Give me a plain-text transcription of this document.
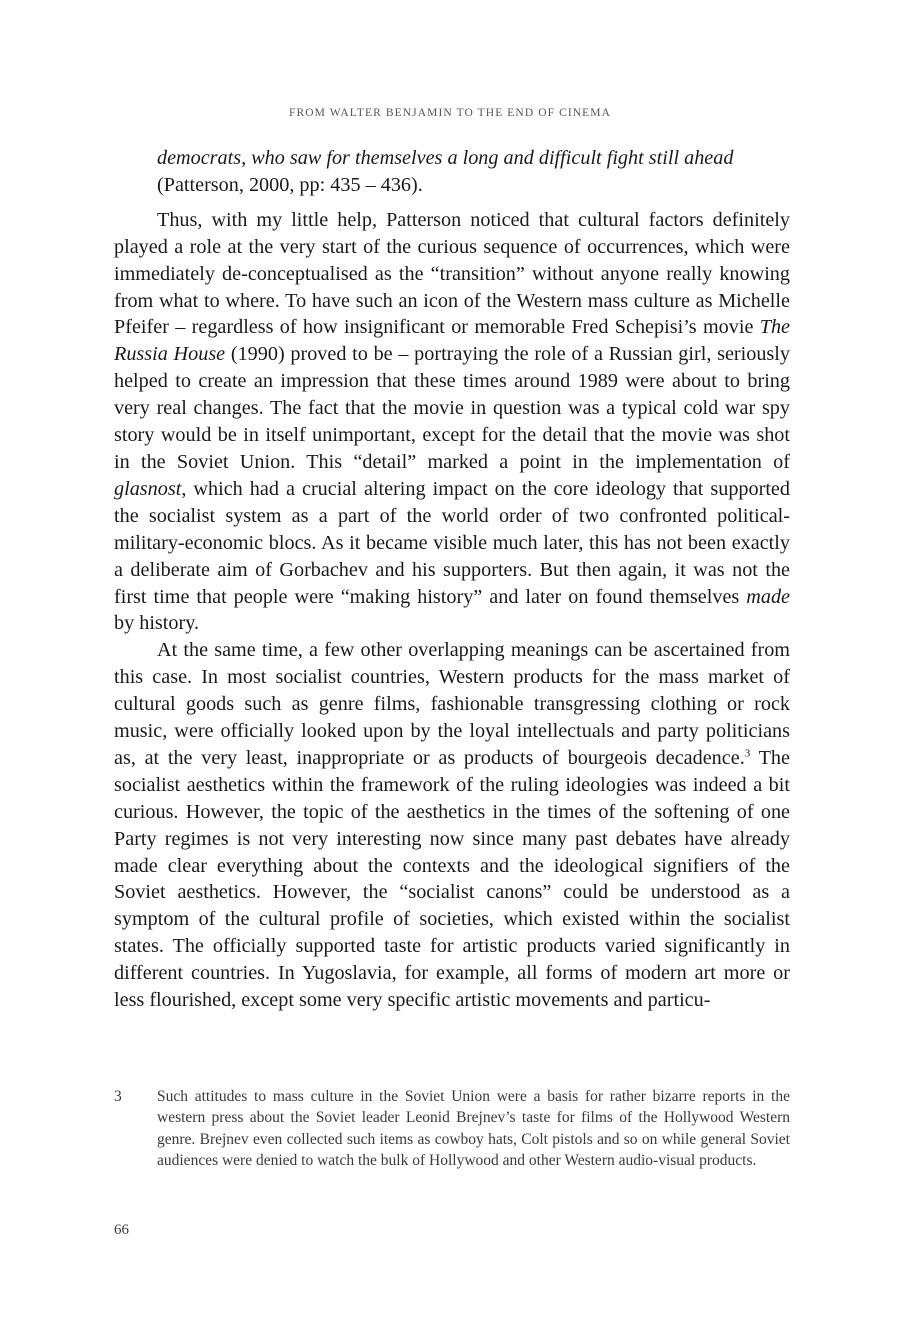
FROM WALTER BENJAMIN TO THE END OF CINEMA

democrats, who saw for themselves a long and difficult fight still ahead (Patterson, 2000, pp: 435 – 436).

Thus, with my little help, Patterson noticed that cultural factors definitely played a role at the very start of the curious sequence of occurrences, which were immediately de-conceptualised as the “transition” without anyone really knowing from what to where. To have such an icon of the Western mass culture as Michelle Pfeifer – regardless of how insignificant or memorable Fred Schepisi’s movie The Russia House (1990) proved to be – portraying the role of a Russian girl, seriously helped to create an impression that these times around 1989 were about to bring very real changes. The fact that the movie in question was a typical cold war spy story would be in itself unimportant, except for the detail that the movie was shot in the Soviet Union. This “detail” marked a point in the implementation of glasnost, which had a crucial altering impact on the core ideology that supported the socialist system as a part of the world order of two confronted political-military-economic blocs. As it became visible much later, this has not been exactly a deliberate aim of Gorbachev and his supporters. But then again, it was not the first time that people were “making history” and later on found themselves made by history.

At the same time, a few other overlapping meanings can be ascertained from this case. In most socialist countries, Western products for the mass market of cultural goods such as genre films, fashionable transgressing clothing or rock music, were officially looked upon by the loyal intellectuals and party politicians as, at the very least, inappropriate or as products of bourgeois decadence.$^3$ The socialist aesthetics within the framework of the ruling ideologies was indeed a bit curious. However, the topic of the aesthetics in the times of the softening of one Party regimes is not very interesting now since many past debates have already made clear everything about the contexts and the ideological signifiers of the Soviet aesthetics. However, the “socialist canons” could be understood as a symptom of the cultural profile of societies, which existed within the socialist states. The officially supported taste for artistic products varied significantly in different countries. In Yugoslavia, for example, all forms of modern art more or less flourished, except some very specific artistic movements and particu-

3	Such attitudes to mass culture in the Soviet Union were a basis for rather bizarre reports in the western press about the Soviet leader Leonid Brejnev’s taste for films of the Hollywood Western genre. Brejnev even collected such items as cowboy hats, Colt pistols and so on while general Soviet audiences were denied to watch the bulk of Hollywood and other Western audio-visual products.
66
